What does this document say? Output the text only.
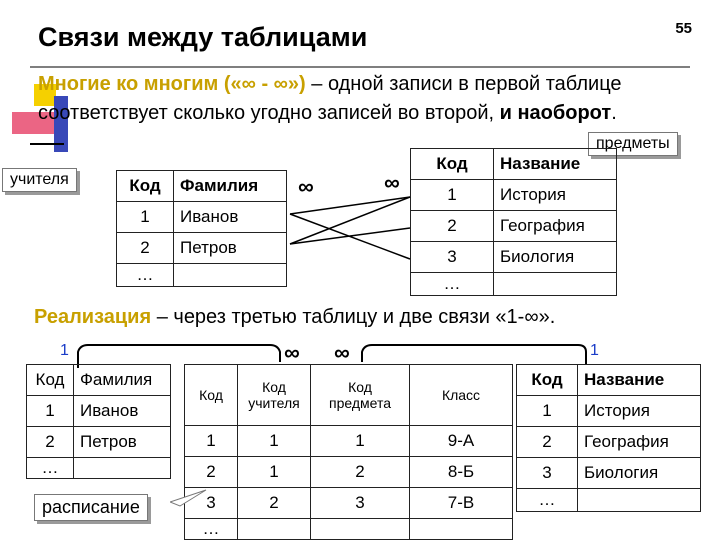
Связи между таблицами	55
Многие ко многим («∞ - ∞») – одной записи в первой таблице соответствует сколько угодно записей во второй, и наоборот.
учителя
предметы
Код	Фамилия
1	Иванов
2	Петров
…	
Код	Название
1	История
2	География
3	Биология
…	
∞	∞
Реализация – через третью таблицу и две связи «1-∞».
1	∞ ∞	1
Код	Фамилия
1	Иванов
2	Петров
…	
Код	Код учителя	Код предмета	Класс
1	1	1	9-А
2	1	2	8-Б
3	2	3	7-В
…			
Код	Название
1	История
2	География
3	Биология
…	
расписание
